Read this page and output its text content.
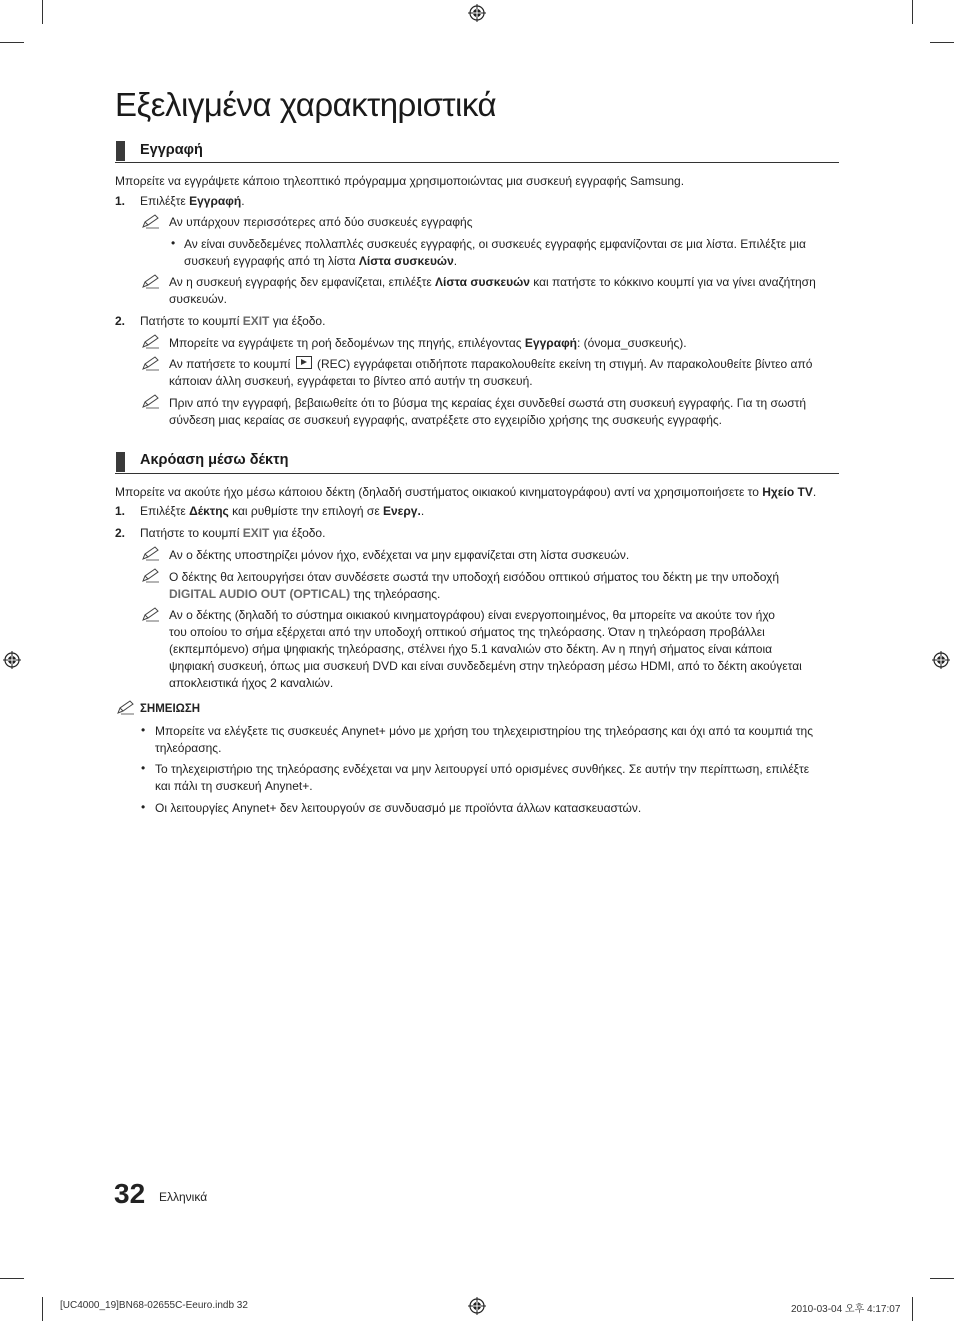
Εξελιγμένα χαρακτηριστικά
Εγγραφή
Μπορείτε να εγγράψετε κάποιο τηλεοπτικό πρόγραμμα χρησιμοποιώντας μια συσκευή εγγραφής Samsung.
1. Επιλέξτε Εγγραφή.
Αν υπάρχουν περισσότερες από δύο συσκευές εγγραφής
• Αν είναι συνδεδεμένες πολλαπλές συσκευές εγγραφής, οι συσκευές εγγραφής εμφανίζονται σε μια λίστα. Επιλέξτε μια
συσκευή εγγραφής από τη λίστα Λίστα συσκευών.
Αν η συσκευή εγγραφής δεν εμφανίζεται, επιλέξτε Λίστα συσκευών και πατήστε το κόκκινο κουμπί για να γίνει αναζήτηση
συσκευών.
2. Πατήστε το κουμπί EXIT για έξοδο.
Μπορείτε να εγγράψετε τη ροή δεδομένων της πηγής, επιλέγοντας Εγγραφή: (όνομα_συσκευής).
Αν πατήσετε το κουμπί  (REC) εγγράφεται οτιδήποτε παρακολουθείτε εκείνη τη στιγμή. Αν παρακολουθείτε βίντεο από
κάποιαν άλλη συσκευή, εγγράφεται το βίντεο από αυτήν τη συσκευή.
Πριν από την εγγραφή, βεβαιωθείτε ότι το βύσμα της κεραίας έχει συνδεθεί σωστά στη συσκευή εγγραφής. Για τη σωστή
σύνδεση μιας κεραίας σε συσκευή εγγραφής, ανατρέξετε στο εγχειρίδιο χρήσης της συσκευής εγγραφής.
Ακρόαση μέσω δέκτη
Μπορείτε να ακούτε ήχο μέσω κάποιου δέκτη (δηλαδή συστήματος οικιακού κινηματογράφου) αντί να χρησιμοποιήσετε το Ηχείο TV.
1. Επιλέξτε Δέκτης και ρυθμίστε την επιλογή σε Ενεργ..
2. Πατήστε το κουμπί EXIT για έξοδο.
Αν ο δέκτης υποστηρίζει μόνον ήχο, ενδέχεται να μην εμφανίζεται στη λίστα συσκευών.
Ο δέκτης θα λειτουργήσει όταν συνδέσετε σωστά την υποδοχή εισόδου οπτικού σήματος του δέκτη με την υποδοχή
DIGITAL AUDIO OUT (OPTICAL) της τηλεόρασης.
Αν ο δέκτης (δηλαδή το σύστημα οικιακού κινηματογράφου) είναι ενεργοποιημένος, θα μπορείτε να ακούτε τον ήχο
του οποίου το σήμα εξέρχεται από την υποδοχή οπτικού σήματος της τηλεόρασης. Όταν η τηλεόραση προβάλλει
(εκπεμπόμενο) σήμα ψηφιακής τηλεόρασης, στέλνει ήχο 5.1 καναλιών στο δέκτη. Αν η πηγή σήματος είναι κάποια
ψηφιακή συσκευή, όπως μια συσκευή DVD και είναι συνδεδεμένη στην τηλεόραση μέσω HDMI, από το δέκτη ακούγεται
αποκλειστικά ήχος 2 καναλιών.
ΣΗΜΕΙΩΣΗ
• Μπορείτε να ελέγξετε τις συσκευές Anynet+ μόνο με χρήση του τηλεχειριστηρίου της τηλεόρασης και όχι από τα κουμπιά της
τηλεόρασης.
• Το τηλεχειριστήριο της τηλεόρασης ενδέχεται να μην λειτουργεί υπό ορισμένες συνθήκες. Σε αυτήν την περίπτωση, επιλέξτε
και πάλι τη συσκευή Anynet+.
• Οι λειτουργίες Anynet+ δεν λειτουργούν σε συνδυασμό με προϊόντα άλλων κατασκευαστών.
32 Ελληνικά
[UC4000_19]BN68-02655C-Eeuro.indb 32	2010-03-04 오후 4:17:07
